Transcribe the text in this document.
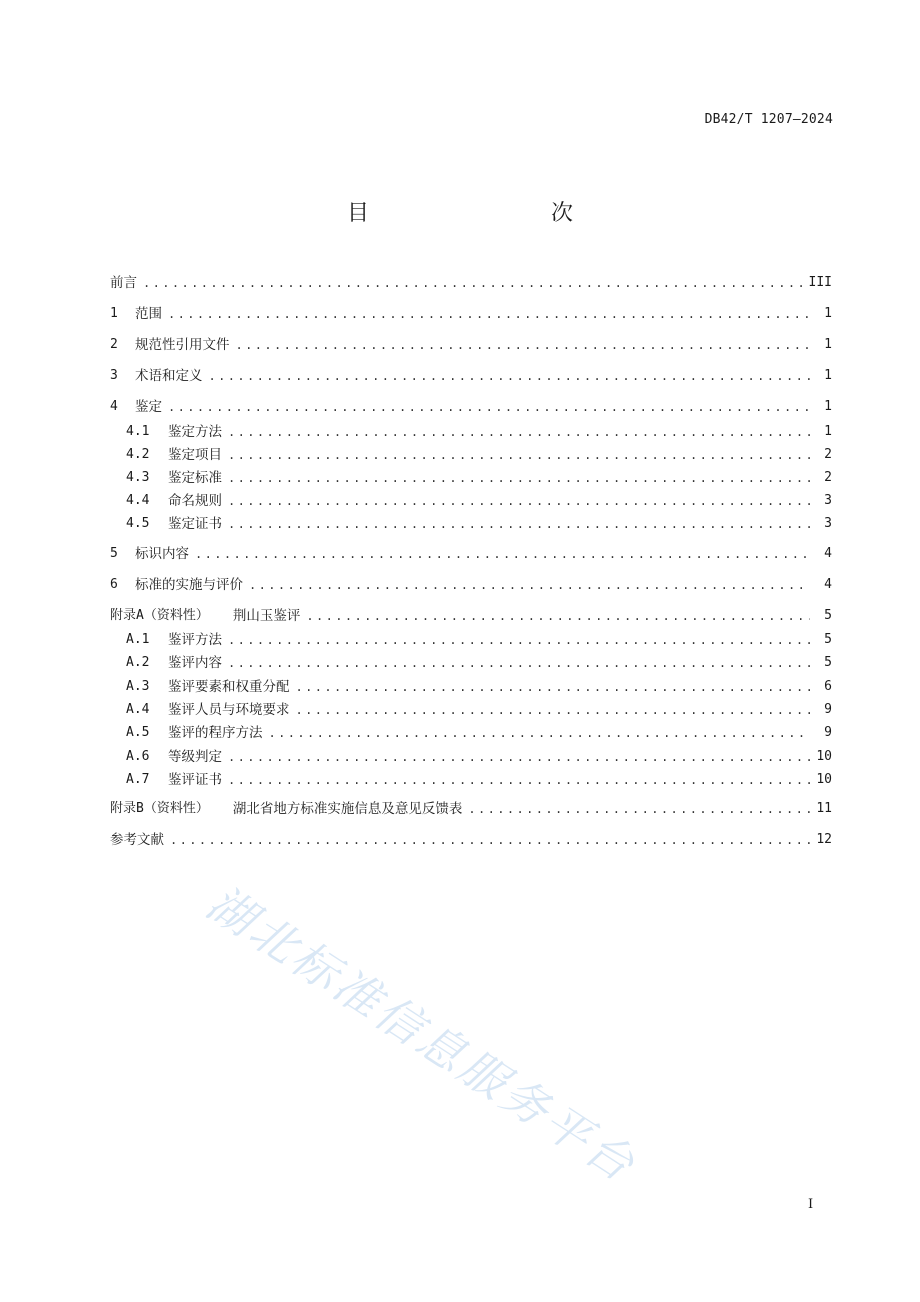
DB42/T 1207—2024
目　　次
前言 .....	III
1	范围 .....	1
2	规范性引用文件 .....	1
3	术语和定义 .....	1
4	鉴定 .....	1
4.1	鉴定方法 .....	1
4.2	鉴定项目 .....	2
4.3	鉴定标准 .....	2
4.4	命名规则 .....	3
4.5	鉴定证书 .....	3
5	标识内容 .....	4
6	标准的实施与评价 .....	4
附录A（资料性） 荆山玉鉴评 .....	5
A.1	鉴评方法 .....	5
A.2	鉴评内容 .....	5
A.3	鉴评要素和权重分配 .....	6
A.4	鉴评人员与环境要求 .....	9
A.5	鉴评的程序方法 .....	9
A.6	等级判定 .....	10
A.7	鉴评证书 .....	10
附录B（资料性） 湖北省地方标准实施信息及意见反馈表 .....	11
参考文献 .....	12
湖北标准信息服务平台
I
